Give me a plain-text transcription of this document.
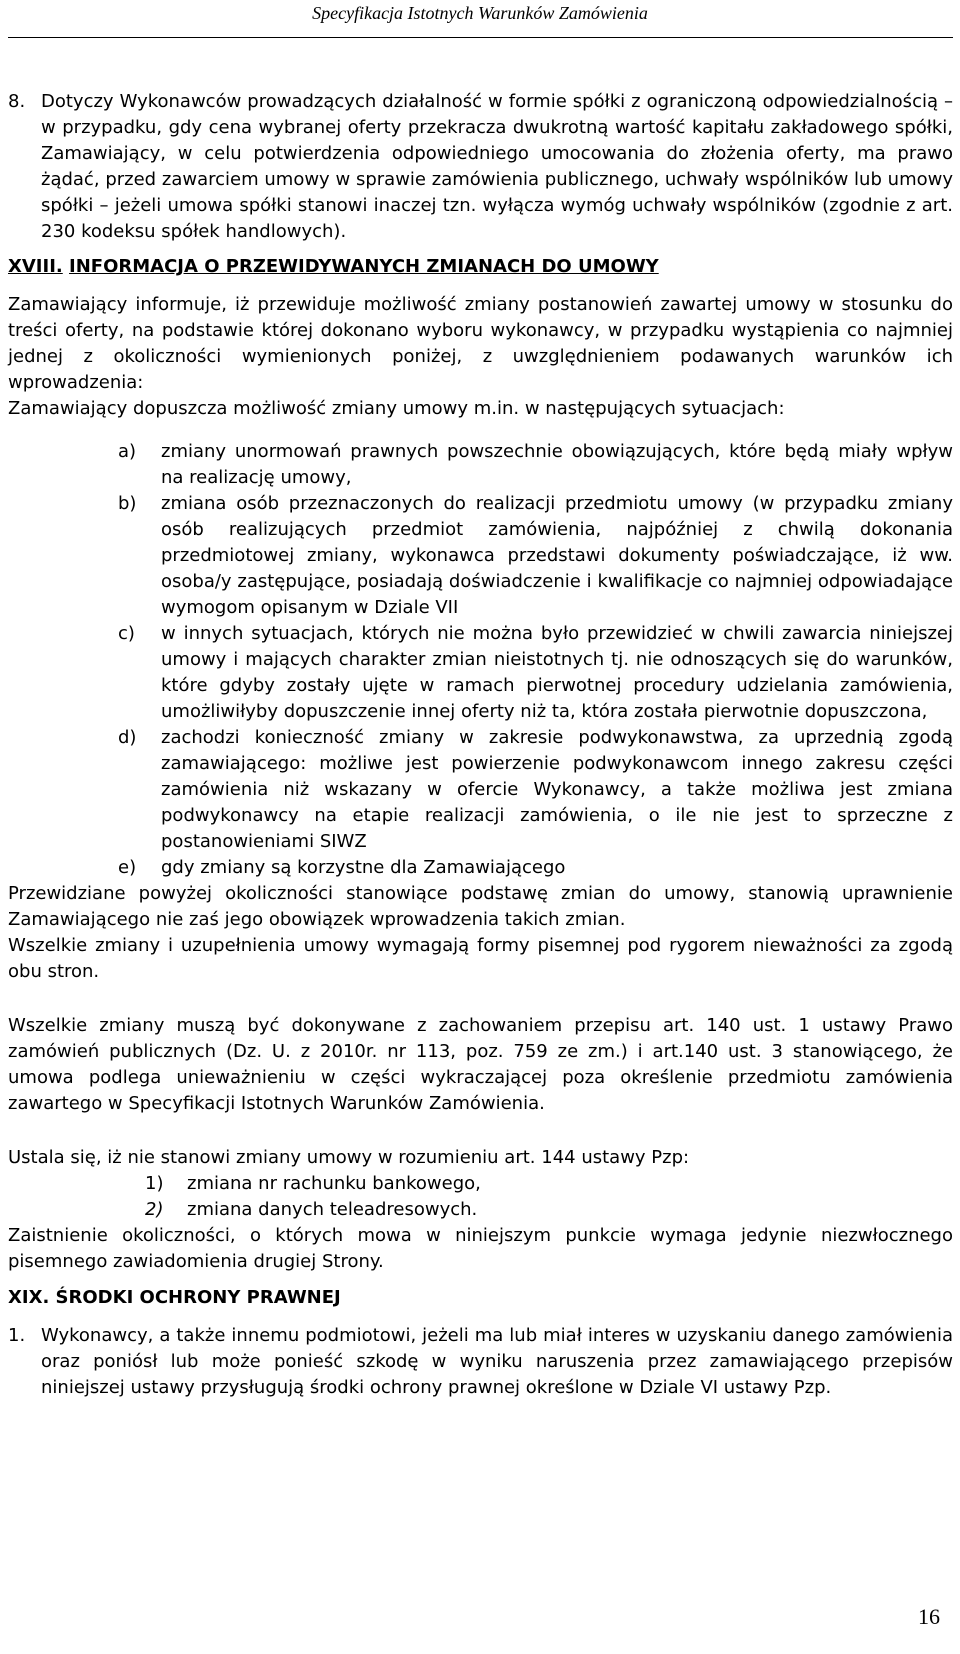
Specyfikacja Istotnych Warunków Zamówienia
8. Dotyczy Wykonawców prowadzących działalność w formie spółki z ograniczoną odpowiedzialnością – w przypadku, gdy cena wybranej oferty przekracza dwukrotną wartość kapitału zakładowego spółki, Zamawiający, w celu potwierdzenia odpowiedniego umocowania do złożenia oferty, ma prawo żądać, przed zawarciem umowy w sprawie zamówienia publicznego, uchwały wspólników lub umowy spółki – jeżeli umowa spółki stanowi inaczej tzn. wyłącza wymóg uchwały wspólników (zgodnie z art. 230 kodeksu spółek handlowych).
XVIII. INFORMACJA O PRZEWIDYWANYCH ZMIANACH DO UMOWY

Zamawiający informuje, iż przewiduje możliwość zmiany postanowień zawartej umowy w stosunku do treści oferty, na podstawie której dokonano wyboru wykonawcy, w przypadku wystąpienia co najmniej jednej z okoliczności wymienionych poniżej, z uwzględnieniem podawanych warunków ich wprowadzenia:

Zamawiający dopuszcza możliwość zmiany umowy m.in. w następujących sytuacjach:

a)	zmiany unormowań prawnych powszechnie obowiązujących, które będą miały wpływ na realizację umowy,
b)	zmiana osób przeznaczonych do realizacji przedmiotu umowy (w przypadku zmiany osób realizujących przedmiot zamówienia, najpóźniej z chwilą dokonania przedmiotowej zmiany, wykonawca przedstawi dokumenty poświadczające, iż ww. osoba/y zastępujące, posiadają doświadczenie i kwalifikacje co najmniej odpowiadające wymogom opisanym w Dziale VII
c)	w innych sytuacjach, których nie można było przewidzieć w chwili zawarcia niniejszej umowy i mających charakter zmian nieistotnych tj. nie odnoszących się do warunków, które gdyby zostały ujęte w ramach pierwotnej procedury udzielania zamówienia, umożliwiłyby dopuszczenie innej oferty niż ta, która została pierwotnie dopuszczona,
d)	zachodzi konieczność zmiany w zakresie podwykonawstwa, za uprzednią zgodą zamawiającego: możliwe jest powierzenie podwykonawcom innego zakresu części zamówienia niż wskazany w ofercie Wykonawcy, a także możliwa jest zmiana podwykonawcy na etapie realizacji zamówienia, o ile nie jest to sprzeczne z postanowieniami SIWZ
e)	gdy zmiany są korzystne dla Zamawiającego

Przewidziane powyżej okoliczności stanowiące podstawę zmian do umowy, stanowią uprawnienie Zamawiającego nie zaś jego obowiązek wprowadzenia takich zmian.

Wszelkie zmiany i uzupełnienia umowy wymagają formy pisemnej pod rygorem nieważności za zgodą obu stron.

Wszelkie zmiany muszą być dokonywane z zachowaniem przepisu art. 140 ust. 1 ustawy Prawo zamówień publicznych (Dz. U. z 2010r. nr 113, poz. 759 ze zm.) i art.140 ust. 3 stanowiącego, że umowa podlega unieważnieniu w części wykraczającej poza określenie przedmiotu zamówienia zawartego w Specyfikacji Istotnych Warunków Zamówienia.

Ustala się, iż nie stanowi zmiany umowy w rozumieniu art. 144 ustawy Pzp:

1)	zmiana nr rachunku bankowego,
2)	zmiana danych teleadresowych.

Zaistnienie okoliczności, o których mowa w niniejszym punkcie wymaga jedynie niezwłocznego pisemnego zawiadomienia drugiej Strony.

XIX. ŚRODKI OCHRONY PRAWNEJ
1. Wykonawcy, a także innemu podmiotowi, jeżeli ma lub miał interes w uzyskaniu danego zamówienia oraz poniósł lub może ponieść szkodę w wyniku naruszenia przez zamawiającego przepisów niniejszej ustawy przysługują środki ochrony prawnej określone w Dziale VI ustawy Pzp.
16
